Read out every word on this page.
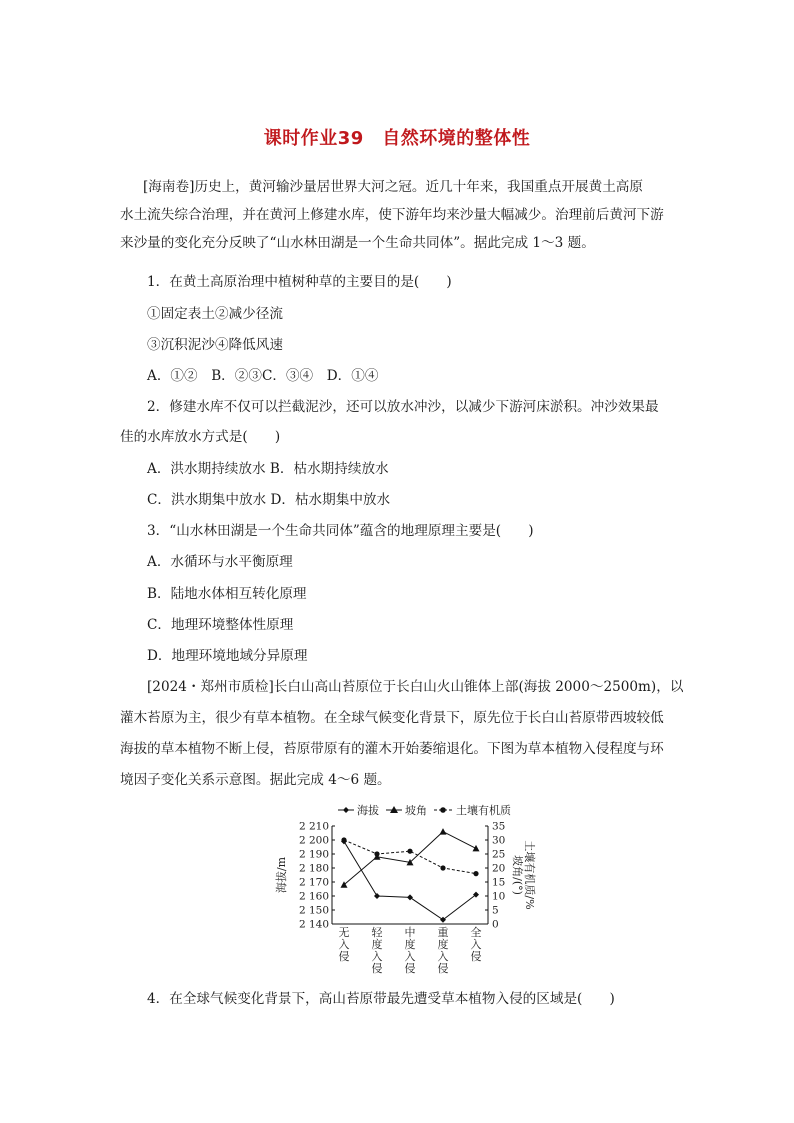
课时作业39　自然环境的整体性
[海南卷]历史上，黄河输沙量居世界大河之冠。近几十年来，我国重点开展黄土高原
水土流失综合治理，并在黄河上修建水库，使下游年均来沙量大幅减少。治理前后黄河下游
来沙量的变化充分反映了“山水林田湖是一个生命共同体”。据此完成 1～3 题。
1．在黄土高原治理中植树种草的主要目的是(　　)
①固定表土②减少径流
③沉积泥沙④降低风速
A．①②　B．②③C．③④　D．①④
2．修建水库不仅可以拦截泥沙，还可以放水冲沙，以减少下游河床淤积。冲沙效果最
佳的水库放水方式是(　　)
A．洪水期持续放水 B．枯水期持续放水
C．洪水期集中放水 D．枯水期集中放水
3．“山水林田湖是一个生命共同体”蕴含的地理原理主要是(　　)
A．水循环与水平衡原理
B．陆地水体相互转化原理
C．地理环境整体性原理
D．地理环境地域分异原理
[2024・郑州市质检]长白山高山苔原位于长白山火山锥体上部(海拔 2000～2500m)，以
灌木苔原为主，很少有草本植物。在全球气候变化背景下，原先位于长白山苔原带西坡较低
海拔的草本植物不断上侵，苔原带原有的灌木开始萎缩退化。下图为草本植物入侵程度与环
境因子变化关系示意图。据此完成 4～6 题。
海拔 坡角	土壤有机质
海拔/m	坡角/(°) 土壤有机质/%
2 140
2 150
2 160
2 170
2 180
2 190
2 200
2 210
0
5
10
15
20
25
30
35
无入侵
轻度入侵
中度入侵
重度入侵
全入侵
4．在全球气候变化背景下，高山苔原带最先遭受草本植物入侵的区域是(　　)
